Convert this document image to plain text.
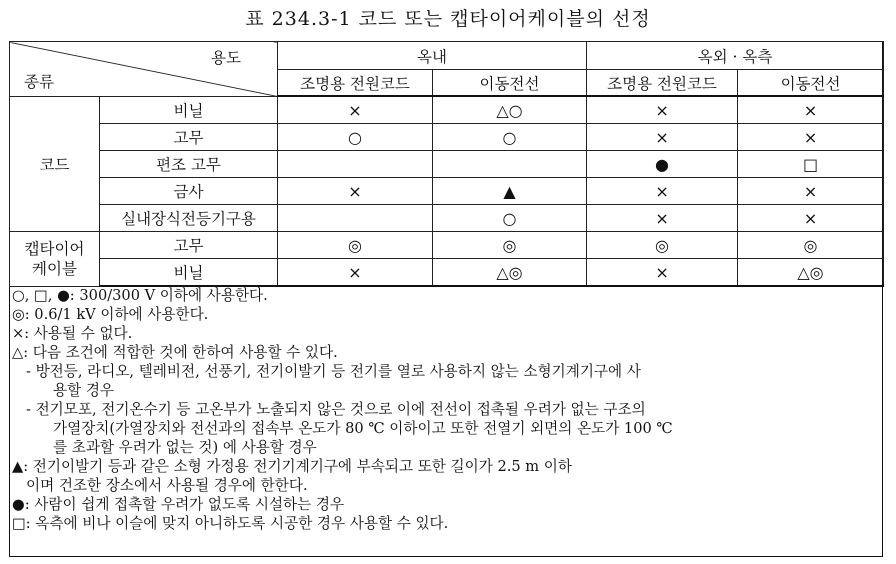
표 234.3-1 코드 또는 캡타이어케이블의 선정
용도
종류		옥내		옥외 · 옥측	
		조명용 전원코드	이동전선	조명용 전원코드	이동전선
코드	비닐	×	△○	×	×
	고무	○	○	×	×
	편조 고무			●	□
	금사	×	▲	×	×
	실내장식전등기구용		○	×	×
캡타이어
케이블	고무	◎	◎	◎	◎
	비닐	×	△◎	×	△◎
○, □, ●: 300/300 V 이하에 사용한다.
◎: 0.6/1 kV 이하에 사용한다.
×: 사용될 수 없다.
△: 다음 조건에 적합한 것에 한하여 사용할 수 있다.
- 방전등, 라디오, 텔레비전, 선풍기, 전기이발기 등 전기를 열로 사용하지 않는 소형기계기구에 사
용할 경우
- 전기모포, 전기온수기 등 고온부가 노출되지 않은 것으로 이에 전선이 접촉될 우려가 없는 구조의
가열장치(가열장치와 전선과의 접속부 온도가 80 ℃ 이하이고 또한 전열기 외면의 온도가 100 ℃
를 초과할 우려가 없는 것) 에 사용할 경우
▲: 전기이발기 등과 같은 소형 가정용 전기기계기구에 부속되고 또한 길이가 2.5 m 이하
이며 건조한 장소에서 사용될 경우에 한한다.
●: 사람이 쉽게 접촉할 우려가 없도록 시설하는 경우
□: 옥측에 비나 이슬에 맞지 아니하도록 시공한 경우 사용할 수 있다.
